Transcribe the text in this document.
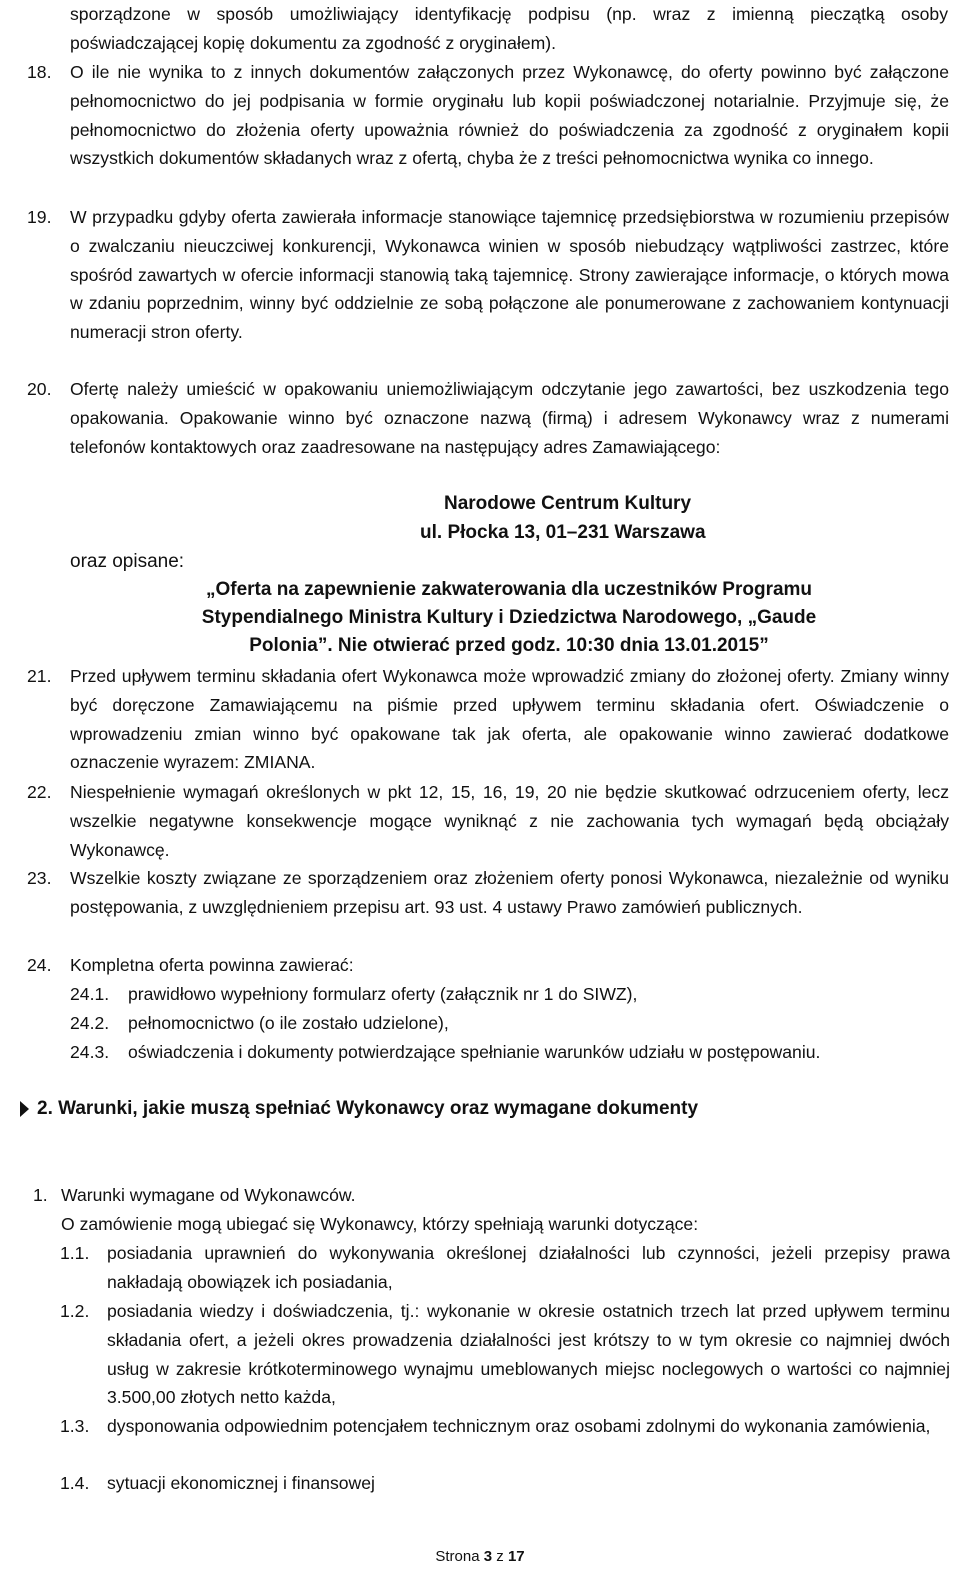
sporządzone w sposób umożliwiający identyfikację podpisu (np. wraz z imienną pieczątką osoby poświadczającej kopię dokumentu za zgodność z oryginałem).
18.	O ile nie wynika to z innych dokumentów załączonych przez Wykonawcę, do oferty powinno być załączone pełnomocnictwo do jej podpisania w formie oryginału lub kopii poświadczonej notarialnie. Przyjmuje się, że pełnomocnictwo do złożenia oferty upoważnia również do poświadczenia za zgodność z oryginałem kopii wszystkich dokumentów składanych wraz z ofertą, chyba że z treści pełnomocnictwa wynika co innego.
19.	W przypadku gdyby oferta zawierała informacje stanowiące tajemnicę przedsiębiorstwa w rozumieniu przepisów o zwalczaniu nieuczciwej konkurencji, Wykonawca winien w sposób niebudzący wątpliwości zastrzec, które spośród zawartych w ofercie informacji stanowią taką tajemnicę. Strony zawierające informacje, o których mowa w zdaniu poprzednim, winny być oddzielnie ze sobą połączone ale ponumerowane z zachowaniem kontynuacji numeracji stron oferty.
20.	Ofertę należy umieścić w opakowaniu uniemożliwiającym odczytanie jego zawartości, bez uszkodzenia tego opakowania. Opakowanie winno być oznaczone nazwą (firmą) i adresem Wykonawcy wraz z numerami telefonów kontaktowych oraz zaadresowane na następujący adres Zamawiającego:
Narodowe Centrum Kultury
ul. Płocka 13, 01–231 Warszawa
oraz opisane:
„Oferta na zapewnienie zakwaterowania dla uczestników Programu
Stypendialnego Ministra Kultury i Dziedzictwa Narodowego, „Gaude
Polonia”. Nie otwierać przed godz. 10:30 dnia 13.01.2015”
21.	Przed upływem terminu składania ofert Wykonawca może wprowadzić zmiany do złożonej oferty. Zmiany winny być doręczone Zamawiającemu na piśmie przed upływem terminu składania ofert. Oświadczenie o wprowadzeniu zmian winno być opakowane tak jak oferta, ale opakowanie winno zawierać dodatkowe oznaczenie wyrazem: ZMIANA.
22.	Niespełnienie wymagań określonych w pkt 12, 15, 16, 19, 20 nie będzie skutkować odrzuceniem oferty, lecz wszelkie negatywne konsekwencje mogące wyniknąć z nie zachowania tych wymagań będą obciążały Wykonawcę.
23.	Wszelkie koszty związane ze sporządzeniem oraz złożeniem oferty ponosi Wykonawca, niezależnie od wyniku postępowania, z uwzględnieniem przepisu art. 93 ust. 4 ustawy Prawo zamówień publicznych.
24.	Kompletna oferta powinna zawierać:
24.1.	prawidłowo wypełniony formularz oferty (załącznik nr 1 do SIWZ),
24.2.	pełnomocnictwo (o ile zostało udzielone),
24.3.	oświadczenia i dokumenty potwierdzające spełnianie warunków udziału w postępowaniu.
2. Warunki, jakie muszą spełniać Wykonawcy oraz wymagane dokumenty
1. Warunki wymagane od Wykonawców.
O zamówienie mogą ubiegać się Wykonawcy, którzy spełniają warunki dotyczące:
1.1.	posiadania uprawnień do wykonywania określonej działalności lub czynności, jeżeli przepisy prawa nakładają obowiązek ich posiadania,
1.2.	posiadania wiedzy i doświadczenia, tj.: wykonanie w okresie ostatnich trzech lat przed upływem terminu składania ofert, a jeżeli okres prowadzenia działalności jest krótszy to w tym okresie co najmniej dwóch usług w zakresie krótkoterminowego wynajmu umeblowanych miejsc noclegowych o wartości co najmniej 3.500,00 złotych netto każda,
1.3.	dysponowania odpowiednim potencjałem technicznym oraz osobami zdolnymi do wykonania zamówienia,
1.4.	sytuacji ekonomicznej i finansowej
Strona 3 z 17
